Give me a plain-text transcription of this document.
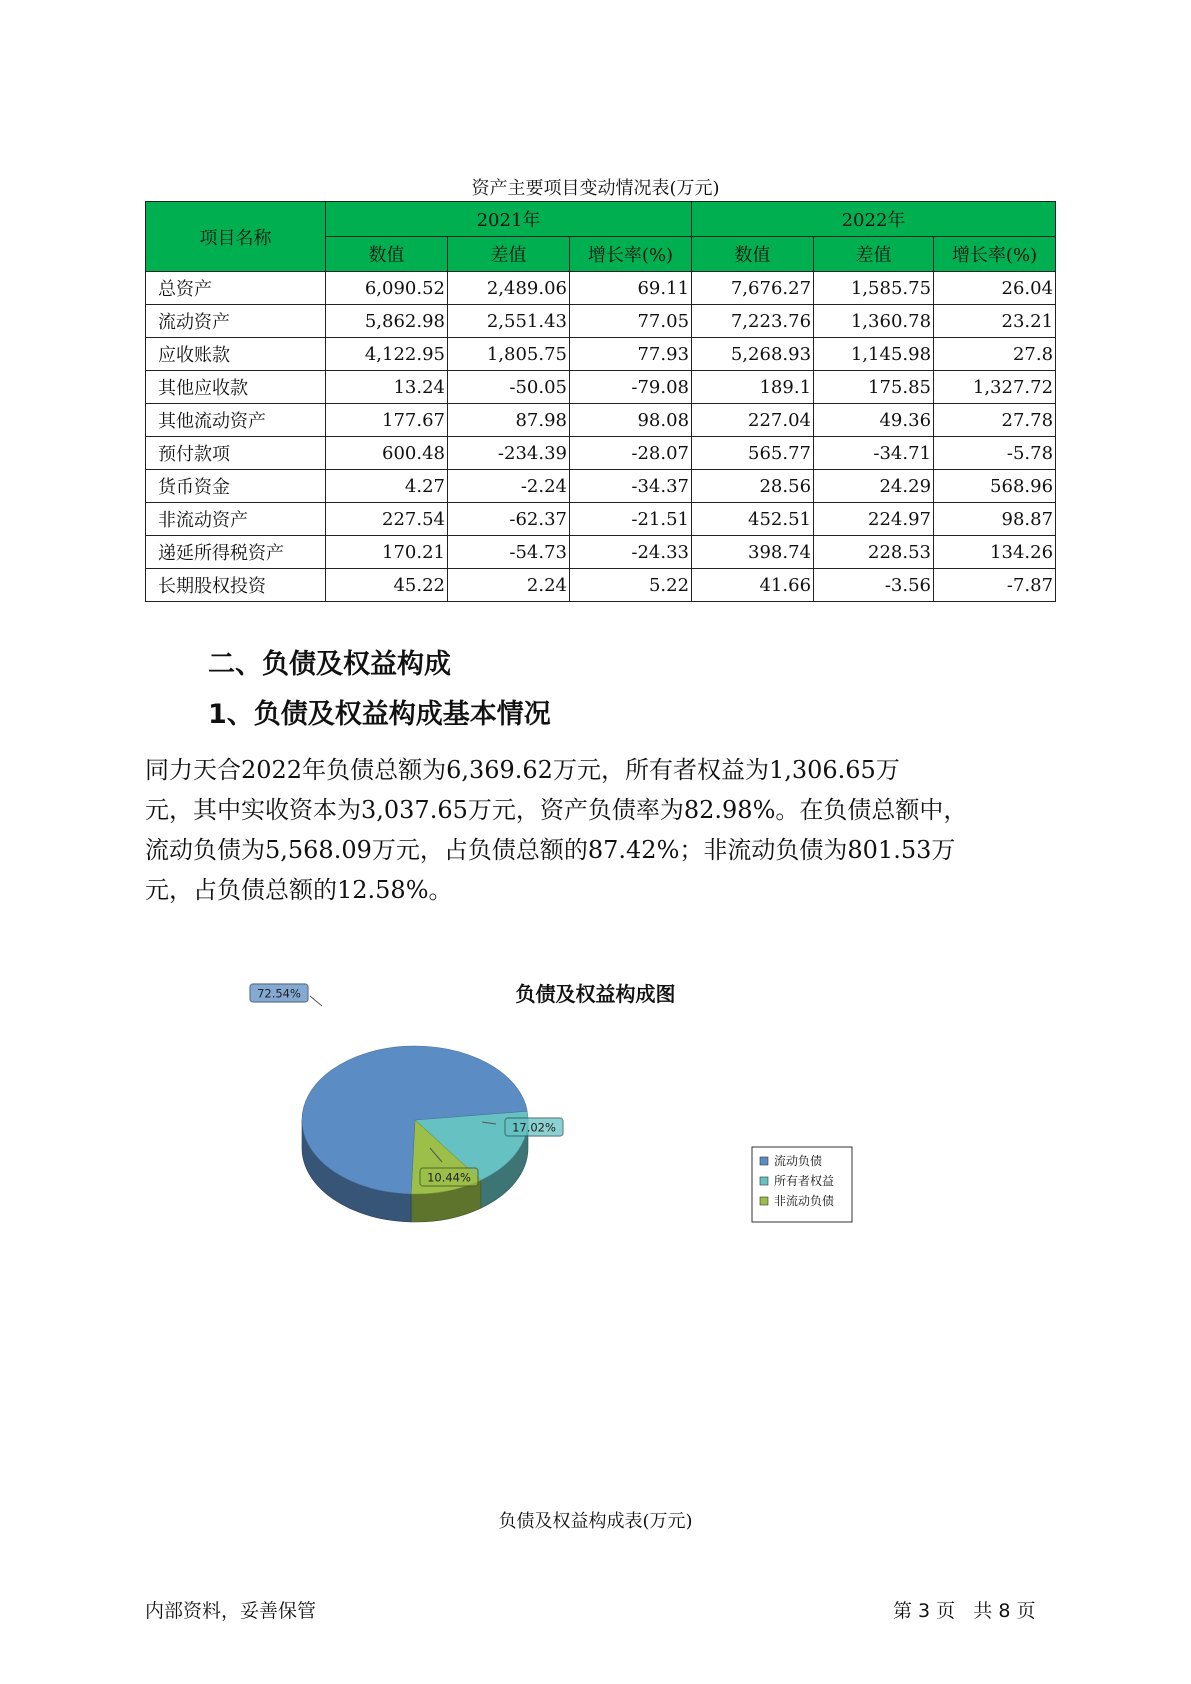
资产主要项目变动情况表(万元)
项目名称	2021年			2022年		
	数值	差值	增长率(%)	数值	差值	增长率(%)
总资产	6,090.52	2,489.06	69.11	7,676.27	1,585.75	26.04
流动资产	5,862.98	2,551.43	77.05	7,223.76	1,360.78	23.21
应收账款	4,122.95	1,805.75	77.93	5,268.93	1,145.98	27.8
其他应收款	13.24	-50.05	-79.08	189.1	175.85	1,327.72
其他流动资产	177.67	87.98	98.08	227.04	49.36	27.78
预付款项	600.48	-234.39	-28.07	565.77	-34.71	-5.78
货币资金	4.27	-2.24	-34.37	28.56	24.29	568.96
非流动资产	227.54	-62.37	-21.51	452.51	224.97	98.87
递延所得税资产	170.21	-54.73	-24.33	398.74	228.53	134.26
长期股权投资	45.22	2.24	5.22	41.66	-3.56	-7.87
二、负债及权益构成
1、负债及权益构成基本情况

同力天合2022年负债总额为6,369.62万元，所有者权益为1,306.65万
元，其中实收资本为3,037.65万元，资产负债率为82.98%。在负债总额中，
流动负债为5,568.09万元，占负债总额的87.42%；非流动负债为801.53万
元，占负债总额的12.58%。

负债及权益构成图
17.02%
10.44%
72.54%
流动负债
所有者权益
非流动负债
负债及权益构成表(万元)
内部资料，妥善保管	第 3 页   共 8 页
